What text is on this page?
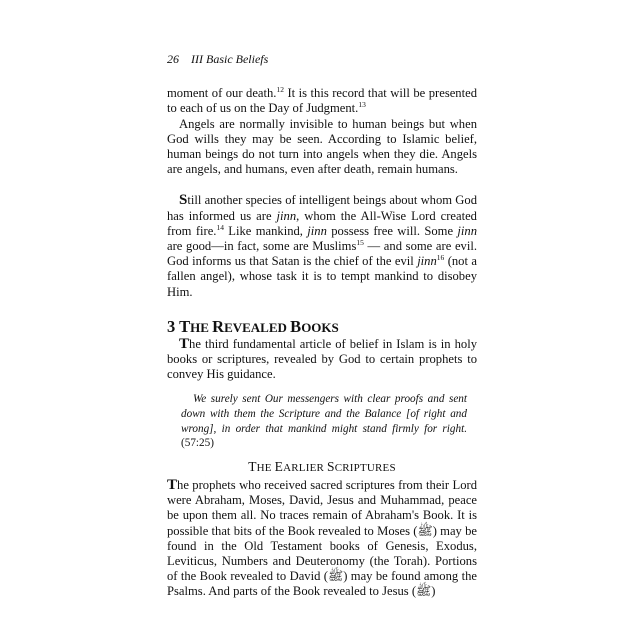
26 III Basic Beliefs

moment of our death.$^{12}$ It is this record that will be presented to each of us on the Day of Judgment.$^{13}$

Angels are normally invisible to human beings but when God wills they may be seen. According to Islamic belief, human beings do not turn into angels when they die. Angels are angels, and humans, even after death, remain humans.

Still another species of intelligent beings about whom God has informed us are jinn, whom the All-Wise Lord created from fire.$^{14}$ Like mankind, jinn possess free will. Some jinn are good—in fact, some are Muslims$^{15}$ — and some are evil. God informs us that Satan is the chief of the evil jinn$^{16}$ (not a fallen angel), whose task it is to tempt mankind to disobey Him.

3 THE REVEALED BOOKS

The third fundamental article of belief in Islam is in holy books or scriptures, revealed by God to certain prophets to convey His guidance.

We surely sent Our messengers with clear proofs and sent down with them the Scripture and the Balance [of right and wrong], in order that mankind might stand firmly for right. (57:25)
THE EARLIER SCRIPTURES

The prophets who received sacred scriptures from their Lord were Abraham, Moses, David, Jesus and Muhammad, peace be upon them all. No traces remain of Abraham's Book. It is possible that bits of the Book revealed to Moses (ﷺ) may be found in the Old Testament books of Genesis, Exodus, Leviticus, Numbers and Deuteronomy (the Torah). Portions of the Book revealed to David (ﷺ) may be found among the Psalms. And parts of the Book revealed to Jesus (ﷺ)
